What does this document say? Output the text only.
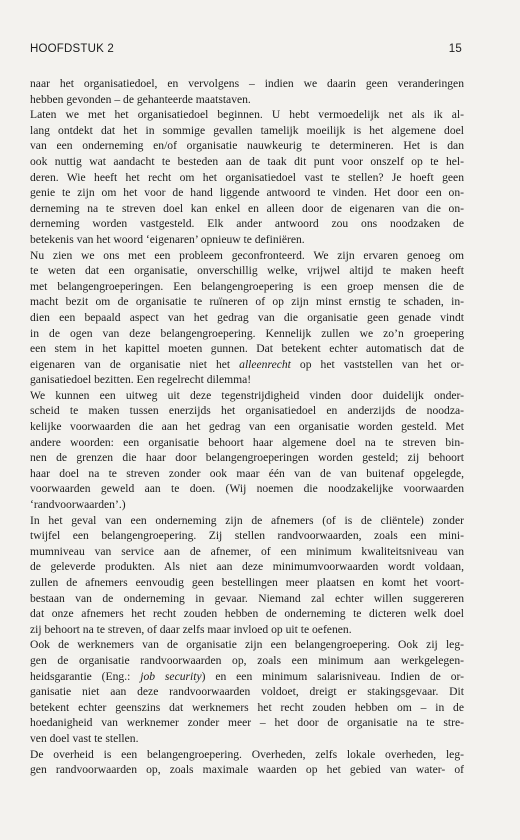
HOOFDSTUK 2	15

naar het organisatiedoel, en vervolgens – indien we daarin geen veranderingen

hebben gevonden – de gehanteerde maatstaven.

Laten we met het organisatiedoel beginnen. U hebt vermoedelijk net als ik al-

lang ontdekt dat het in sommige gevallen tamelijk moeilijk is het algemene doel

van een onderneming en/of organisatie nauwkeurig te determineren. Het is dan

ook nuttig wat aandacht te besteden aan de taak dit punt voor onszelf op te hel-

deren. Wie heeft het recht om het organisatiedoel vast te stellen? Je hoeft geen

genie te zijn om het voor de hand liggende antwoord te vinden. Het door een on-

derneming na te streven doel kan enkel en alleen door de eigenaren van die on-

derneming worden vastgesteld. Elk ander antwoord zou ons noodzaken de

betekenis van het woord ‘eigenaren’ opnieuw te definiëren.

Nu zien we ons met een probleem geconfronteerd. We zijn ervaren genoeg om

te weten dat een organisatie, onverschillig welke, vrijwel altijd te maken heeft

met belangengroeperingen. Een belangengroepering is een groep mensen die de

macht bezit om de organisatie te ruïneren of op zijn minst ernstig te schaden, in-

dien een bepaald aspect van het gedrag van die organisatie geen genade vindt

in de ogen van deze belangengroepering. Kennelijk zullen we zo’n groepering

een stem in het kapittel moeten gunnen. Dat betekent echter automatisch dat de

eigenaren van de organisatie niet het alleenrecht op het vaststellen van het or-

ganisatiedoel bezitten. Een regelrecht dilemma!

We kunnen een uitweg uit deze tegenstrijdigheid vinden door duidelijk onder-

scheid te maken tussen enerzijds het organisatiedoel en anderzijds de noodza-

kelijke voorwaarden die aan het gedrag van een organisatie worden gesteld. Met

andere woorden: een organisatie behoort haar algemene doel na te streven bin-

nen de grenzen die haar door belangengroeperingen worden gesteld; zij behoort

haar doel na te streven zonder ook maar één van de van buitenaf opgelegde,

voorwaarden geweld aan te doen. (Wij noemen die noodzakelijke voorwaarden

‘randvoorwaarden’.)

In het geval van een onderneming zijn de afnemers (of is de cliëntele) zonder

twijfel een belangengroepering. Zij stellen randvoorwaarden, zoals een mini-

mumniveau van service aan de afnemer, of een minimum kwaliteitsniveau van

de geleverde produkten. Als niet aan deze minimumvoorwaarden wordt voldaan,

zullen de afnemers eenvoudig geen bestellingen meer plaatsen en komt het voort-

bestaan van de onderneming in gevaar. Niemand zal echter willen suggereren

dat onze afnemers het recht zouden hebben de onderneming te dicteren welk doel

zij behoort na te streven, of daar zelfs maar invloed op uit te oefenen.

Ook de werknemers van de organisatie zijn een belangengroepering. Ook zij leg-

gen de organisatie randvoorwaarden op, zoals een minimum aan werkgelegen-

heidsgarantie (Eng.: job security) en een minimum salarisniveau. Indien de or-

ganisatie niet aan deze randvoorwaarden voldoet, dreigt er stakingsgevaar. Dit

betekent echter geenszins dat werknemers het recht zouden hebben om – in de

hoedanigheid van werknemer zonder meer – het door de organisatie na te stre-

ven doel vast te stellen.

De overheid is een belangengroepering. Overheden, zelfs lokale overheden, leg-

gen randvoorwaarden op, zoals maximale waarden op het gebied van water- of
